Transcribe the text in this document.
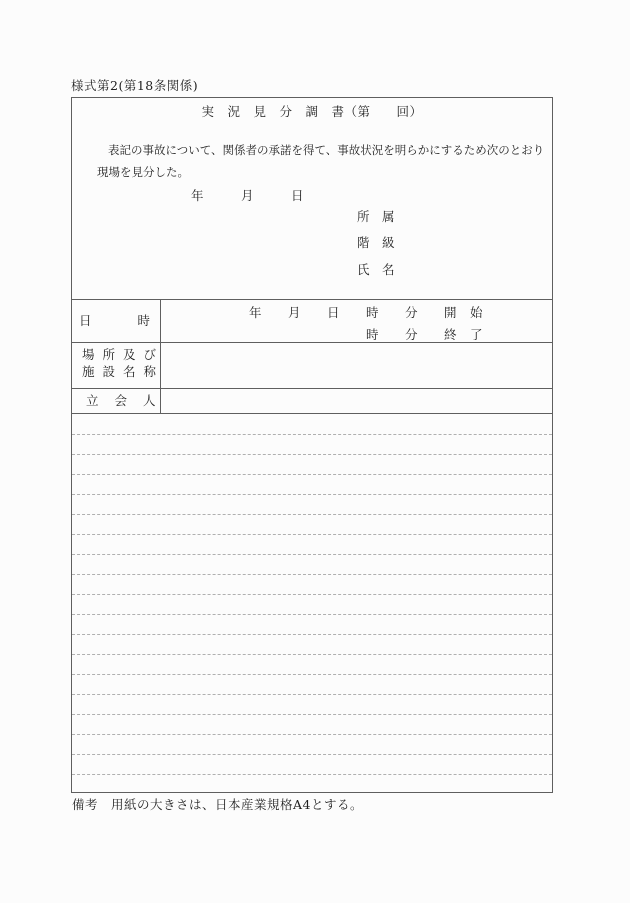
様式第2(第18条関係)
実　況　見　分　調　書（第　　回）
表記の事故について、関係者の承諾を得て、事故状況を明らかにするため次のとおり
現場を見分した。
年　　　月　　　日
所　属
階　級
氏　名
日時
年　　月　　日　　時　　分　　開　始
時　　分　　終　了
場所及び
施設名称
立会人
備考　用紙の大きさは、日本産業規格A4とする。
